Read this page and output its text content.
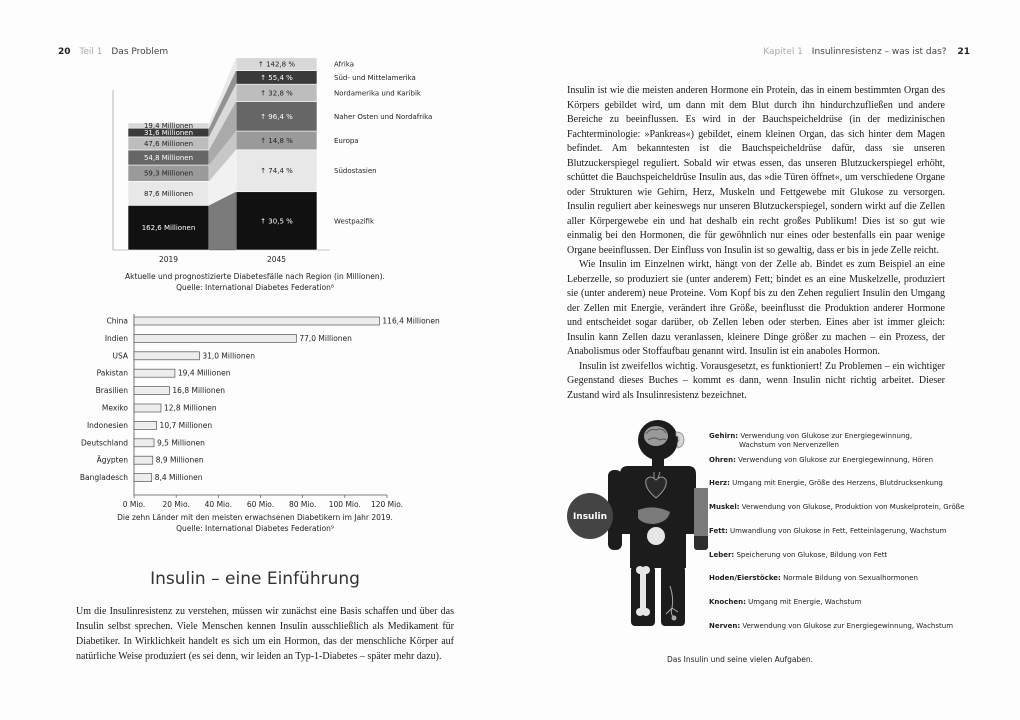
20 Teil 1 Das Problem
162,6 Millionen
87,6 Millionen
59,3 Millionen
54,8 Millionen
47,6 Millionen
31,6 Millionen
19,4 Millionen
2019
↑ 30,5 %
↑ 74,4 %
↑ 14,8 %
↑ 96,4 %
↑ 32,8 %
↑ 55,4 %
↑ 142,8 %
2045
Westpazifik
Südostasien
Europa
Naher Osten und Nordafrika
Nordamerika und Karibik
Süd- und Mittelamerika
Afrika
Aktuelle und prognostizierte Diabetesfälle nach Region (in Millionen).
Quelle: International Diabetes Federation⁸
China	116,4 Millionen
Indien	77,0 Millionen
USA	31,0 Millionen
Pakistan	19,4 Millionen
Brasilien	16,8 Millionen
Mexiko	12,8 Millionen
Indonesien	10,7 Millionen
Deutschland	9,5 Millionen
Ägypten	8,9 Millionen
Bangladesch	8,4 Millionen
0 Mio. 20 Mio. 40 Mio. 60 Mio. 80 Mio. 100 Mio. 120 Mio.
Die zehn Länder mit den meisten erwachsenen Diabetikern im Jahr 2019.
Quelle: International Diabetes Federation⁹
Insulin – eine Einführung
Um die Insulinresistenz zu verstehen, müssen wir zunächst eine Basis schaffen und über das Insulin selbst sprechen. Viele Menschen kennen Insulin ausschließlich als Medikament für Diabetiker. In Wirklichkeit handelt es sich um ein Hormon, das der menschliche Körper auf natürliche Weise produziert (es sei denn, wir leiden an Typ-1-Diabetes – später mehr dazu).
Kapitel 1 Insulinresistenz – was ist das? 21

Insulin ist wie die meisten anderen Hormone ein Protein, das in einem bestimmten Organ des Körpers gebildet wird, um dann mit dem Blut durch ihn hindurchzufließen und andere Bereiche zu beeinflussen. Es wird in der Bauchspeicheldrüse (in der medizinischen Fachterminologie: »Pankreas«) gebildet, einem kleinen Organ, das sich hinter dem Magen befindet. Am bekanntesten ist die Bauchspeicheldrüse dafür, dass sie unseren Blutzuckerspiegel reguliert. Sobald wir etwas essen, das unseren Blutzuckerspiegel erhöht, schüttet die Bauchspeicheldrüse Insulin aus, das »die Türen öffnet«, um verschiedene Organe oder Strukturen wie Gehirn, Herz, Muskeln und Fettgewebe mit Glukose zu versorgen. Insulin reguliert aber keineswegs nur unseren Blutzuckerspiegel, sondern wirkt auf die Zellen aller Körpergewebe ein und hat deshalb ein recht großes Publikum! Dies ist so gut wie einmalig bei den Hormonen, die für gewöhnlich nur eines oder bestenfalls ein paar wenige Organe beeinflussen. Der Einfluss von Insulin ist so gewaltig, dass er bis in jede Zelle reicht.

Wie Insulin im Einzelnen wirkt, hängt von der Zelle ab. Bindet es zum Beispiel an eine Leberzelle, so produziert sie (unter anderem) Fett; bindet es an eine Muskelzelle, produziert sie (unter anderem) neue Proteine. Vom Kopf bis zu den Zehen reguliert Insulin den Umgang der Zellen mit Energie, verändert ihre Größe, beeinflusst die Produktion anderer Hormone und entscheidet sogar darüber, ob Zellen leben oder sterben. Eines aber ist immer gleich: Insulin kann Zellen dazu veranlassen, kleinere Dinge größer zu machen – ein Prozess, der Anabolismus oder Stoffaufbau genannt wird. Insulin ist ein anaboles Hormon.

Insulin ist zweifellos wichtig. Vorausgesetzt, es funktioniert! Zu Problemen – ein wichtiger Gegenstand dieses Buches – kommt es dann, wenn Insulin nicht richtig arbeitet. Dieser Zustand wird als Insulinresistenz bezeichnet.

Insulin
Gehirn: Verwendung von Glukose zur Energiegewinnung,
Wachstum von Nervenzellen
Ohren: Verwendung von Glukose zur Energiegewinnung, Hören
Herz: Umgang mit Energie, Größe des Herzens, Blutdrucksenkung
Muskel: Verwendung von Glukose, Produktion von Muskelprotein, Größe
Fett: Umwandlung von Glukose in Fett, Fetteinlagerung, Wachstum
Leber: Speicherung von Glukose, Bildung von Fett
Hoden/Eierstöcke: Normale Bildung von Sexualhormonen
Knochen: Umgang mit Energie, Wachstum
Nerven: Verwendung von Glukose zur Energiegewinnung, Wachstum
Das Insulin und seine vielen Aufgaben.
